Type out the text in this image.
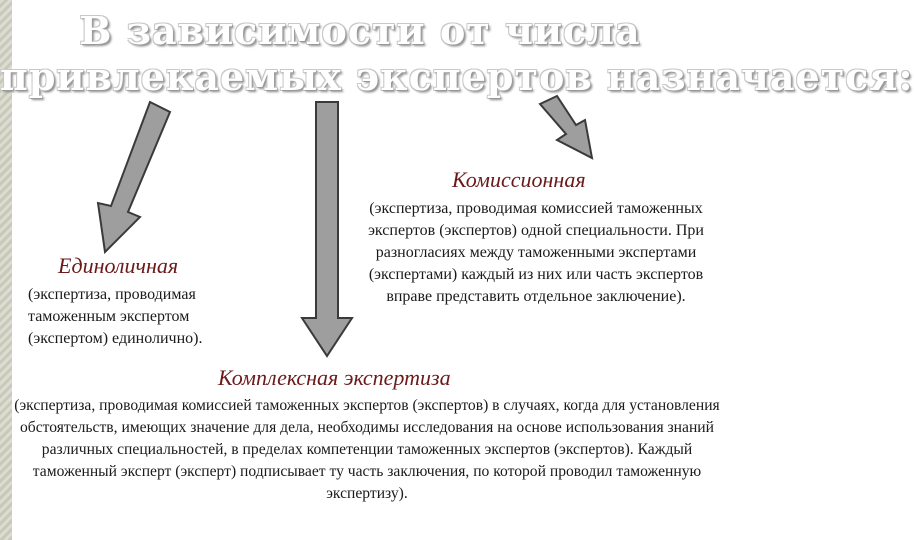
В зависимости от числа
привлекаемых экспертов назначается:
Комиссионная
(экспертиза, проводимая комиссией таможенных экспертов (экспертов) одной специальности. При разногласиях между таможенными экспертами (экспертами) каждый из них или часть экспертов вправе представить отдельное заключение).
Единоличная
(экспертиза, проводимая таможенным экспертом (экспертом) единолично).
Комплексная экспертиза
(экспертиза, проводимая комиссией таможенных экспертов (экспертов) в случаях, когда для установления обстоятельств, имеющих значение для дела, необходимы исследования на основе использования знаний различных специальностей, в пределах компетенции таможенных экспертов (экспертов). Каждый таможенный эксперт (эксперт) подписывает ту часть заключения, по которой проводил таможенную экспертизу).
